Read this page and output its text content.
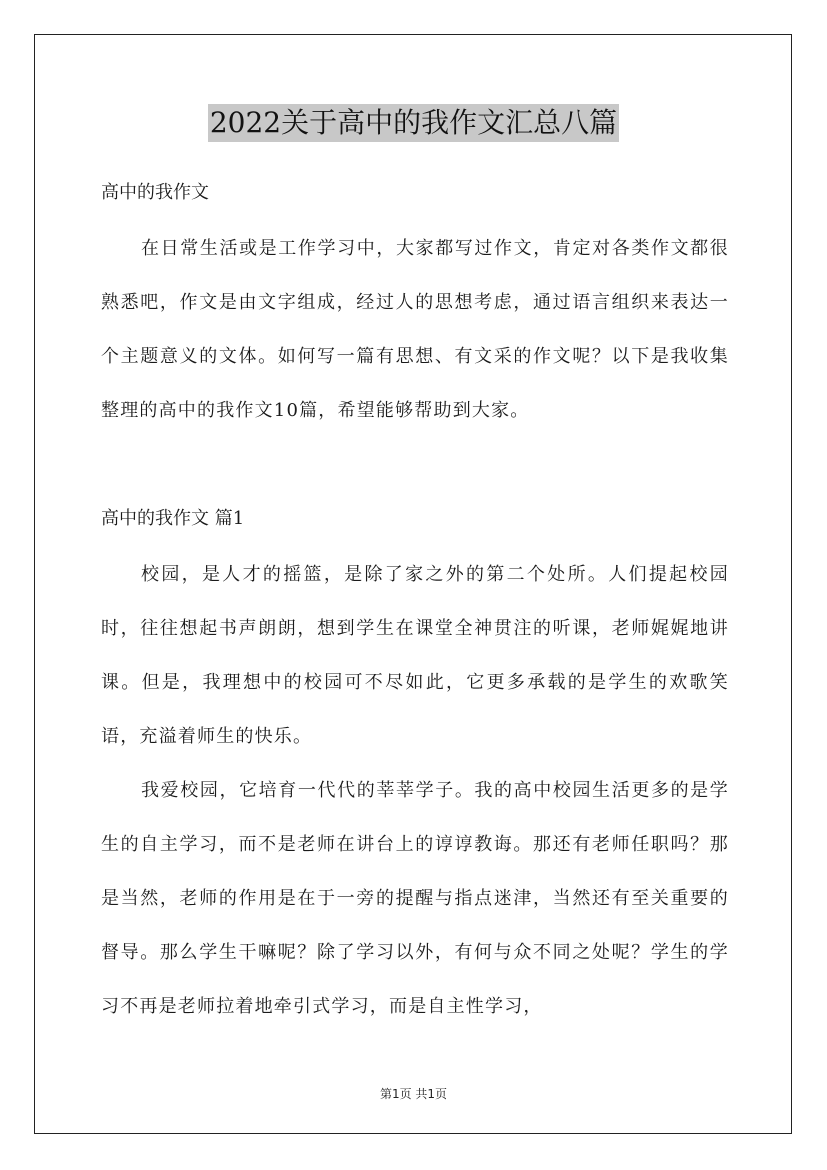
2022关于高中的我作文汇总八篇
高中的我作文

在日常生活或是工作学习中，大家都写过作文，肯定对各类作文都很熟悉吧，作文是由文字组成，经过人的思想考虑，通过语言组织来表达一个主题意义的文体。如何写一篇有思想、有文采的作文呢？以下是我收集整理的高中的我作文10篇，希望能够帮助到大家。

高中的我作文 篇1

校园，是人才的摇篮，是除了家之外的第二个处所。人们提起校园时，往往想起书声朗朗，想到学生在课堂全神贯注的听课，老师娓娓地讲课。但是，我理想中的校园可不尽如此，它更多承载的是学生的欢歌笑语，充溢着师生的快乐。

我爱校园，它培育一代代的莘莘学子。我的高中校园生活更多的是学生的自主学习，而不是老师在讲台上的谆谆教诲。那还有老师任职吗？那是当然，老师的作用是在于一旁的提醒与指点迷津，当然还有至关重要的督导。那么学生干嘛呢？除了学习以外，有何与众不同之处呢？学生的学习不再是老师拉着地牵引式学习，而是自主性学习，

第1页 共1页
